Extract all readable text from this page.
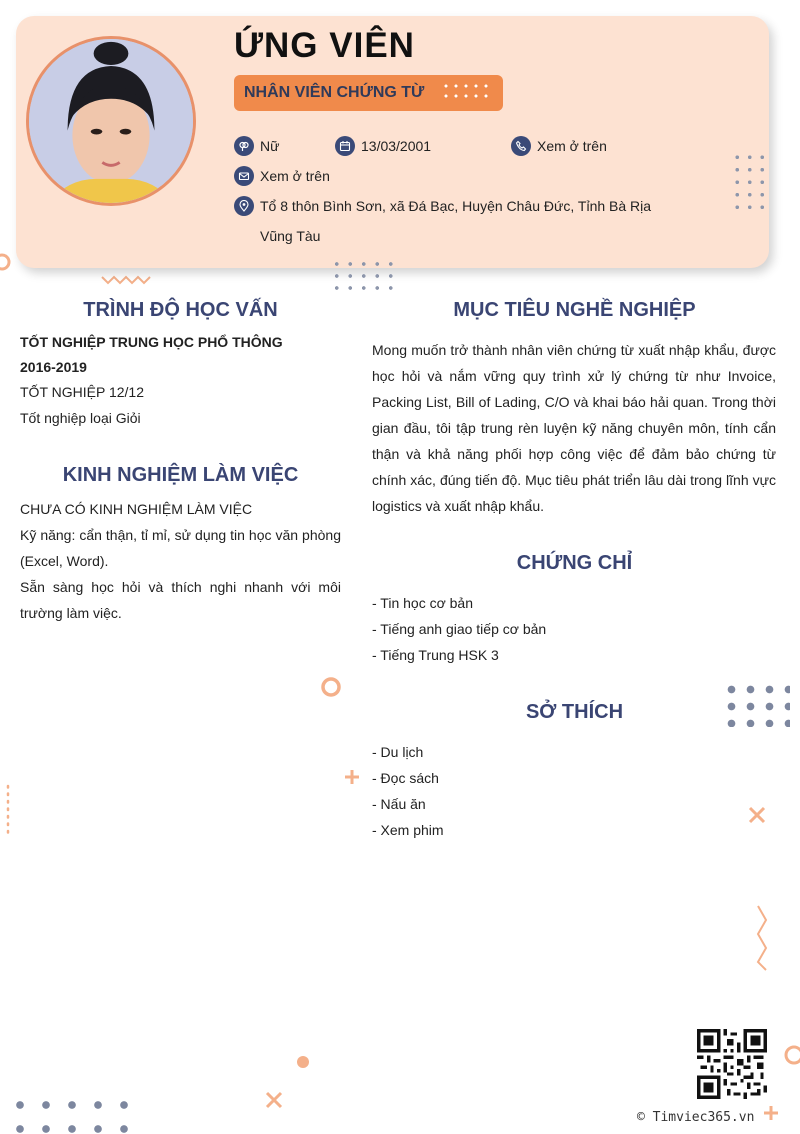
ỨNG VIÊN
NHÂN VIÊN CHỨNG TỪ
Nữ	13/03/2001	Xem ở trên
Xem ở trên
Tổ 8 thôn Bình Sơn, xã Đá Bạc, Huyện Châu Đức, Tỉnh Bà Rịa
Vũng Tàu
TRÌNH ĐỘ HỌC VẤN
TỐT NGHIỆP TRUNG HỌC PHỔ THÔNG
2016-2019
TỐT NGHIỆP 12/12
Tốt nghiệp loại Giỏi
KINH NGHIỆM LÀM VIỆC
CHƯA CÓ KINH NGHIỆM LÀM VIỆC
Kỹ năng: cẩn thận, tỉ mỉ, sử dụng tin học văn phòng (Excel, Word).
Sẵn sàng học hỏi và thích nghi nhanh với môi trường làm việc.
MỤC TIÊU NGHỀ NGHIỆP
Mong muốn trở thành nhân viên chứng từ xuất nhập khẩu, được học hỏi và nắm vững quy trình xử lý chứng từ như Invoice, Packing List, Bill of Lading, C/O và khai báo hải quan. Trong thời gian đầu, tôi tập trung rèn luyện kỹ năng chuyên môn, tính cẩn thận và khả năng phối hợp công việc để đảm bảo chứng từ chính xác, đúng tiến độ. Mục tiêu phát triển lâu dài trong lĩnh vực logistics và xuất nhập khẩu.
CHỨNG CHỈ
- Tin học cơ bản
- Tiếng anh giao tiếp cơ bản
- Tiếng Trung HSK 3
SỞ THÍCH
- Du lịch
- Đọc sách
- Nấu ăn
- Xem phim
© Timviec365.vn
